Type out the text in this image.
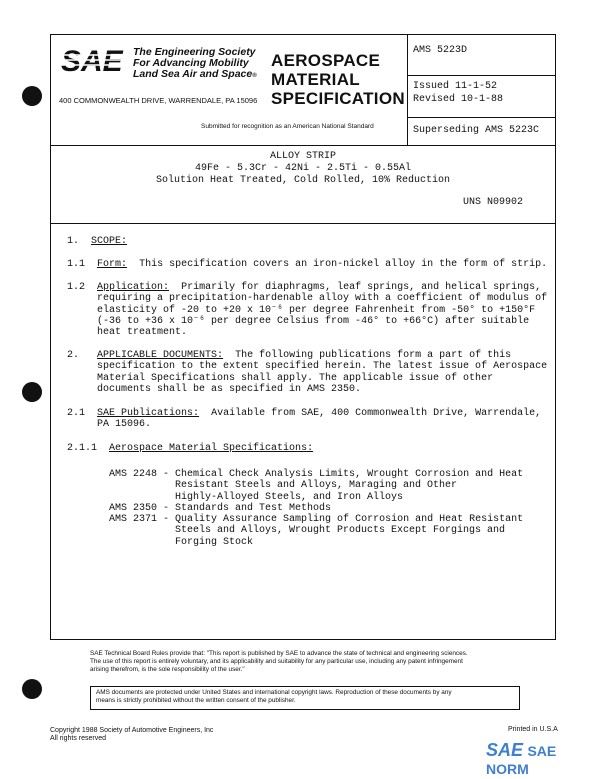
SAE The Engineering Society
For Advancing Mobility
Land Sea Air and Space®
400 COMMONWEALTH DRIVE, WARRENDALE, PA 15096
AEROSPACE
MATERIAL
SPECIFICATION
Submitted for recognition as an American National Standard
AMS 5223D
Issued 11-1-52
Revised 10-1-88
Superseding AMS 5223C
ALLOY STRIP
49Fe - 5.3Cr - 42Ni - 2.5Ti - 0.55Al
Solution Heat Treated, Cold Rolled, 10% Reduction
UNS N09902
1. SCOPE:
1.1 Form: This specification covers an iron-nickel alloy in the form of strip.
1.2 Application: Primarily for diaphragms, leaf springs, and helical springs,
requiring a precipitation-hardenable alloy with a coefficient of modulus of
elasticity of -20 to +20 x 10⁻⁶ per degree Fahrenheit from -50° to +150°F
(-36 to +36 x 10⁻⁶ per degree Celsius from -46° to +66°C) after suitable
heat treatment.
2. APPLICABLE DOCUMENTS: The following publications form a part of this
specification to the extent specified herein. The latest issue of Aerospace
Material Specifications shall apply. The applicable issue of other
documents shall be as specified in AMS 2350.
2.1 SAE Publications: Available from SAE, 400 Commonwealth Drive, Warrendale,
PA 15096.
2.1.1 Aerospace Material Specifications:
AMS 2248 - Chemical Check Analysis Limits, Wrought Corrosion and Heat
Resistant Steels and Alloys, Maraging and Other
Highly-Alloyed Steels, and Iron Alloys
AMS 2350 - Standards and Test Methods
AMS 2371 - Quality Assurance Sampling of Corrosion and Heat Resistant
Steels and Alloys, Wrought Products Except Forgings and
Forging Stock
SAE Technical Board Rules provide that: "This report is published by SAE to advance the state of technical and engineering sciences.
The use of this report is entirely voluntary, and its applicability and suitability for any particular use, including any patent infringement
arising therefrom, is the sole responsibility of the user."
AMS documents are protected under United States and international copyright laws. Reproduction of these documents by any
means is strictly prohibited without the written consent of the publisher.
Copyright 1988 Society of Automotive Engineers, Inc
All rights reserved
Printed in U.S.A
SAE SAE NORM
